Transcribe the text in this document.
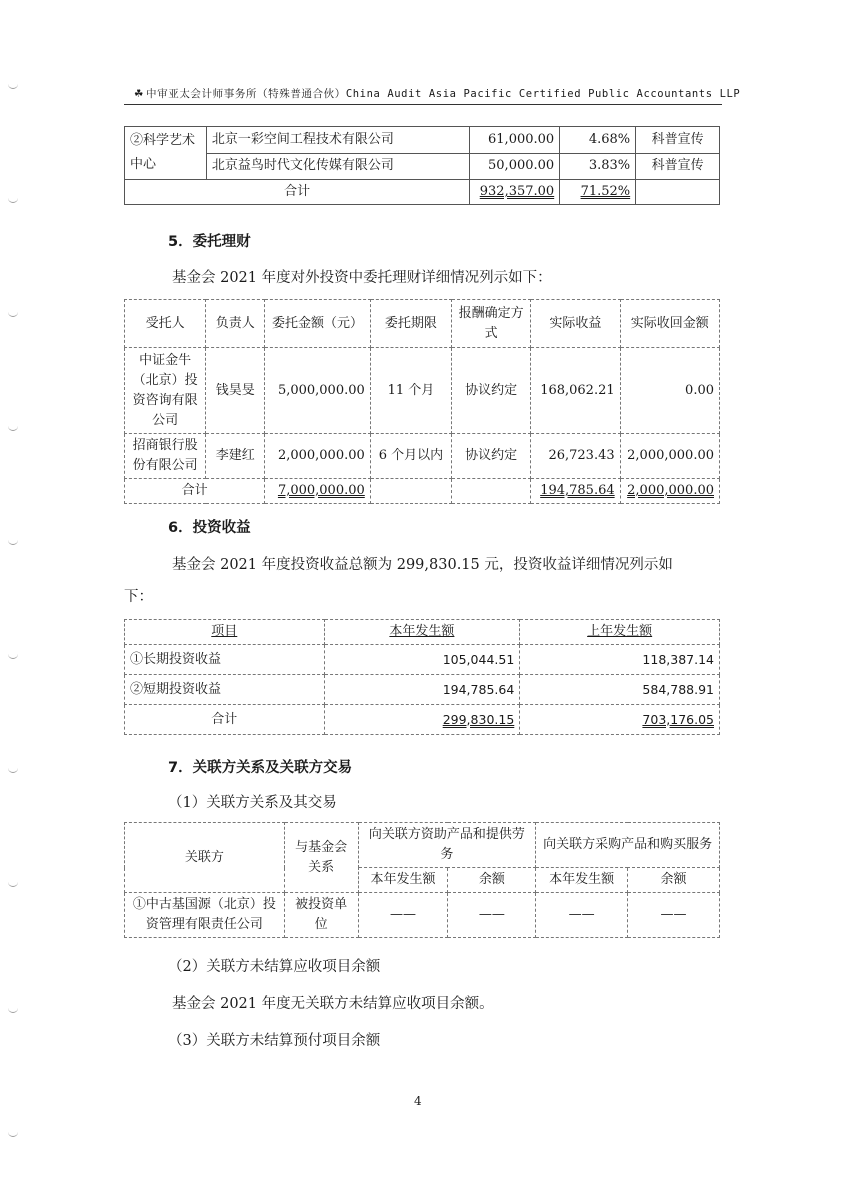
☘ 中审亚太会计师事务所（特殊普通合伙）China Audit Asia Pacific Certified Public Accountants LLP
②科学艺术中心	北京一彩空间工程技术有限公司	61,000.00	4.68%	科普宣传
	北京益鸟时代文化传媒有限公司	50,000.00	3.83%	科普宣传
合计		932,357.00	71.52%	
5．委托理财
基金会 2021 年度对外投资中委托理财详细情况列示如下：
受托人	负责人	委托金额（元）	委托期限	报酬确定方式	实际收益	实际收回金额
中证金牛（北京）投资咨询有限公司	钱昊旻	5,000,000.00	11 个月	协议约定	168,062.21	0.00
招商银行股份有限公司	李建红	2,000,000.00	6 个月以内	协议约定	26,723.43	2,000,000.00
合计		7,000,000.00			194,785.64	2,000,000.00
6．投资收益
基金会 2021 年度投资收益总额为 299,830.15 元，投资收益详细情况列示如
下：
项目	本年发生额	上年发生额
①长期投资收益	105,044.51	118,387.14
②短期投资收益	194,785.64	584,788.91
合计	299,830.15	703,176.05
7．关联方关系及关联方交易
（1）关联方关系及其交易
关联方	与基金会关系	向关联方资助产品和提供劳务		向关联方采购产品和购买服务	
		本年发生额	余额	本年发生额	余额
①中古基国源（北京）投资管理有限责任公司	被投资单位	——	——	——	——
（2）关联方未结算应收项目余额
基金会 2021 年度无关联方未结算应收项目余额。
（3）关联方未结算预付项目余额
4
